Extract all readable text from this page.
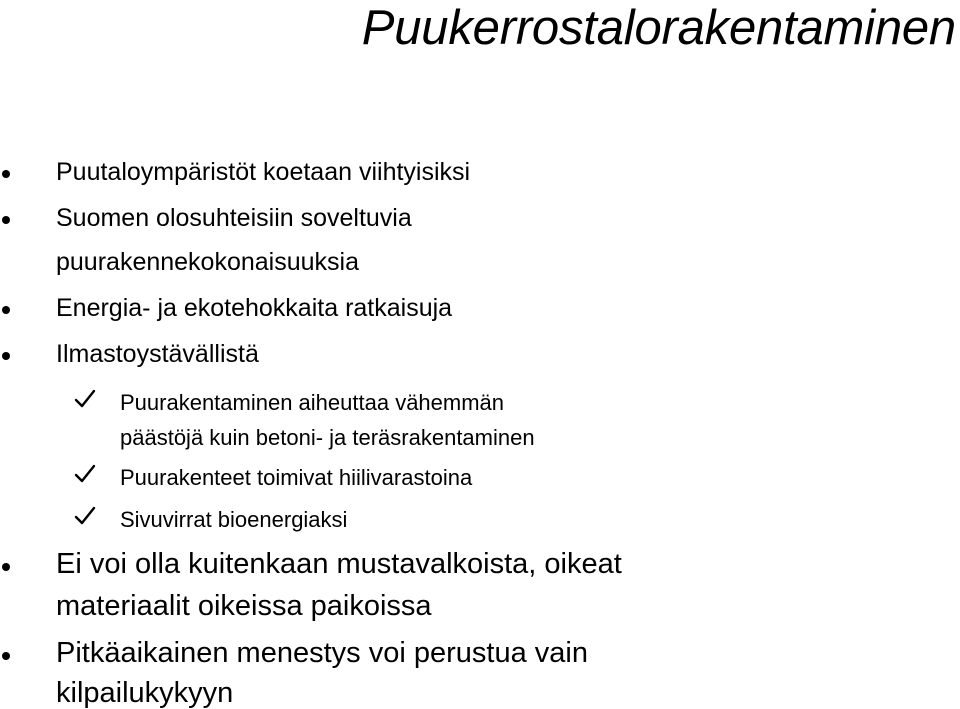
Puukerrostalorakentaminen
Puutaloympäristöt koetaan viihtyisiksi
Suomen olosuhteisiin soveltuvia
puurakennekokonaisuuksia
Energia- ja ekotehokkaita ratkaisuja
Ilmastoystävällistä
Puurakentaminen aiheuttaa vähemmän
päästöjä kuin betoni- ja teräsrakentaminen
Puurakenteet toimivat hiilivarastoina
Sivuvirrat bioenergiaksi
Ei voi olla kuitenkaan mustavalkoista, oikeat
materiaalit oikeissa paikoissa
Pitkäaikainen menestys voi perustua vain
kilpailukykyyn
